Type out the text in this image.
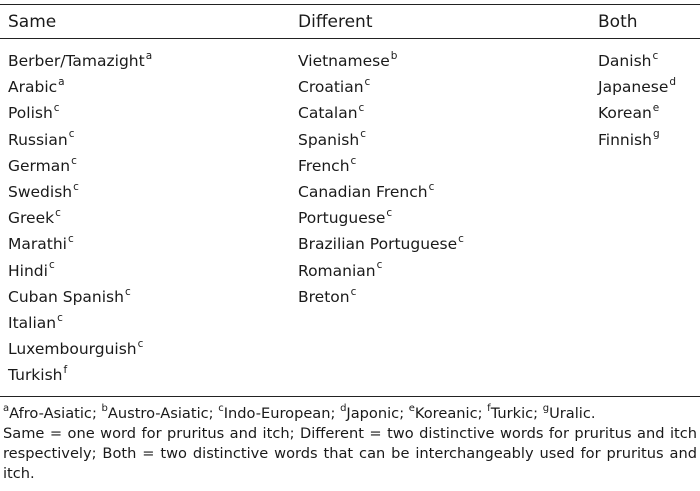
Same	Different	Both
Berber/Tamazight$^a$
Arabic$^a$
Polish$^c$
Russian$^c$
German$^c$
Swedish$^c$
Greek$^c$
Marathi$^c$
Hindi$^c$
Cuban Spanish$^c$
Italian$^c$
Luxembourguish$^c$
Turkish$^f$
Vietnamese$^b$
Croatian$^c$
Catalan$^c$
Spanish$^c$
French$^c$
Canadian French$^c$
Portuguese$^c$
Brazilian Portuguese$^c$
Romanian$^c$
Breton$^c$
Danish$^c$
Japanese$^d$
Korean$^e$
Finnish$^g$
$^a$Afro-Asiatic; $^b$Austro-Asiatic; $^c$Indo-European; $^d$Japonic; $^e$Koreanic; $^f$Turkic; $^g$Uralic.
Same = one word for pruritus and itch; Different = two distinctive words for pruritus and itch respectively; Both = two distinctive words that can be interchangeably used for pruritus and itch.
